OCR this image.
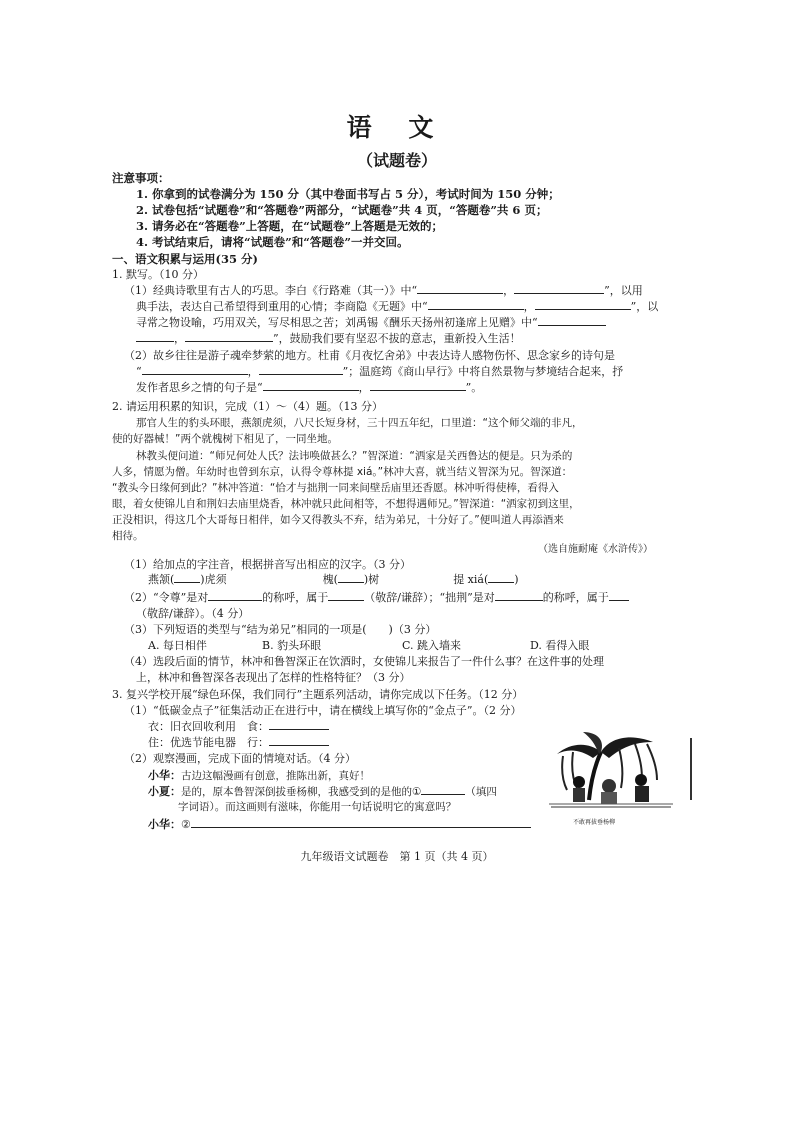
语 文
（试题卷）
注意事项：
1. 你拿到的试卷满分为 150 分（其中卷面书写占 5 分），考试时间为 150 分钟；
2. 试卷包括“试题卷”和“答题卷”两部分，“试题卷”共 4 页，“答题卷”共 6 页；
3. 请务必在“答题卷”上答题，在“试题卷”上答题是无效的；
4. 考试结束后，请将“试题卷”和“答题卷”一并交回。
一、语文积累与运用(35 分)
1. 默写。（10 分）
（1）经典诗歌里有古人的巧思。李白《行路难（其一）》中“	，	”，以用
典手法，表达自己希望得到重用的心情；李商隐《无题》中“	，	”，以
寻常之物设喻，巧用双关，写尽相思之苦；刘禹锡《酬乐天扬州初逢席上见赠》中“
，	”，鼓励我们要有坚忍不拔的意志，重新投入生活！
（2）故乡往往是游子魂牵梦萦的地方。杜甫《月夜忆舍弟》中表达诗人感物伤怀、思念家乡的诗句是
“	，	”；温庭筠《商山早行》中将自然景物与梦境结合起来，抒
发作者思乡之情的句子是“	，	”。
2. 请运用积累的知识，完成（1）～（4）题。（13 分）
那官人生的豹头环眼，燕颔虎须，八尺长短身材，三十四五年纪，口里道：“这个师父端的非凡，
使的好器械！”两个就槐树下相见了，一同坐地。
林教头便问道：“师兄何处人氏？法讳唤做甚么？”智深道：“洒家是关西鲁达的便是。只为杀的
人多，情愿为僧。年幼时也曾到东京，认得令尊林提 xiá。”林冲大喜，就当结义智深为兄。智深道：
“教头今日缘何到此？”林冲答道：“恰才与拙荆一同来间壁岳庙里还香愿。林冲听得使棒，看得入
眼，着女使锦儿自和荆妇去庙里烧香，林冲就只此间相等，不想得遇师兄。”智深道：“洒家初到这里，
正没相识，得这几个大哥每日相伴，如今又得教头不弃，结为弟兄，十分好了。”便叫道人再添酒来
相待。
（选自施耐庵《水浒传》）
（1）给加点的字注音，根据拼音写出相应的汉字。（3 分）
燕颔( )虎须	槐( )树	提 xiá( )
（2）“令尊”是对	的称呼，属于	（敬辞/谦辞）；“拙荆”是对	的称呼，属于
（敬辞/谦辞）。（4 分）
（3）下列短语的类型与“结为弟兄”相同的一项是(　　)（3 分）
A. 每日相伴	B. 豹头环眼	C. 跳入墙来	D. 看得入眼
（4）选段后面的情节，林冲和鲁智深正在饮酒时，女使锦儿来报告了一件什么事？在这件事的处理
上，林冲和鲁智深各表现出了怎样的性格特征？（3 分）
3. 复兴学校开展“绿色环保，我们同行”主题系列活动，请你完成以下任务。（12 分）
（1）“低碳金点子”征集活动正在进行中，请在横线上填写你的“金点子”。（2 分）
衣：旧衣回收利用　食：
住：优选节能电器　行：
（2）观察漫画，完成下面的情境对话。（4 分）
小华：古边这幅漫画有创意，推陈出新，真好！
小夏：是的，原本鲁智深倒拔垂杨柳，我感受到的是他的①	（填四
字词语）。而这画则有滋味，你能用一句话说明它的寓意吗？
小华：②	不敢再拔垂杨柳
九年级语文试题卷　第 1 页（共 4 页）
